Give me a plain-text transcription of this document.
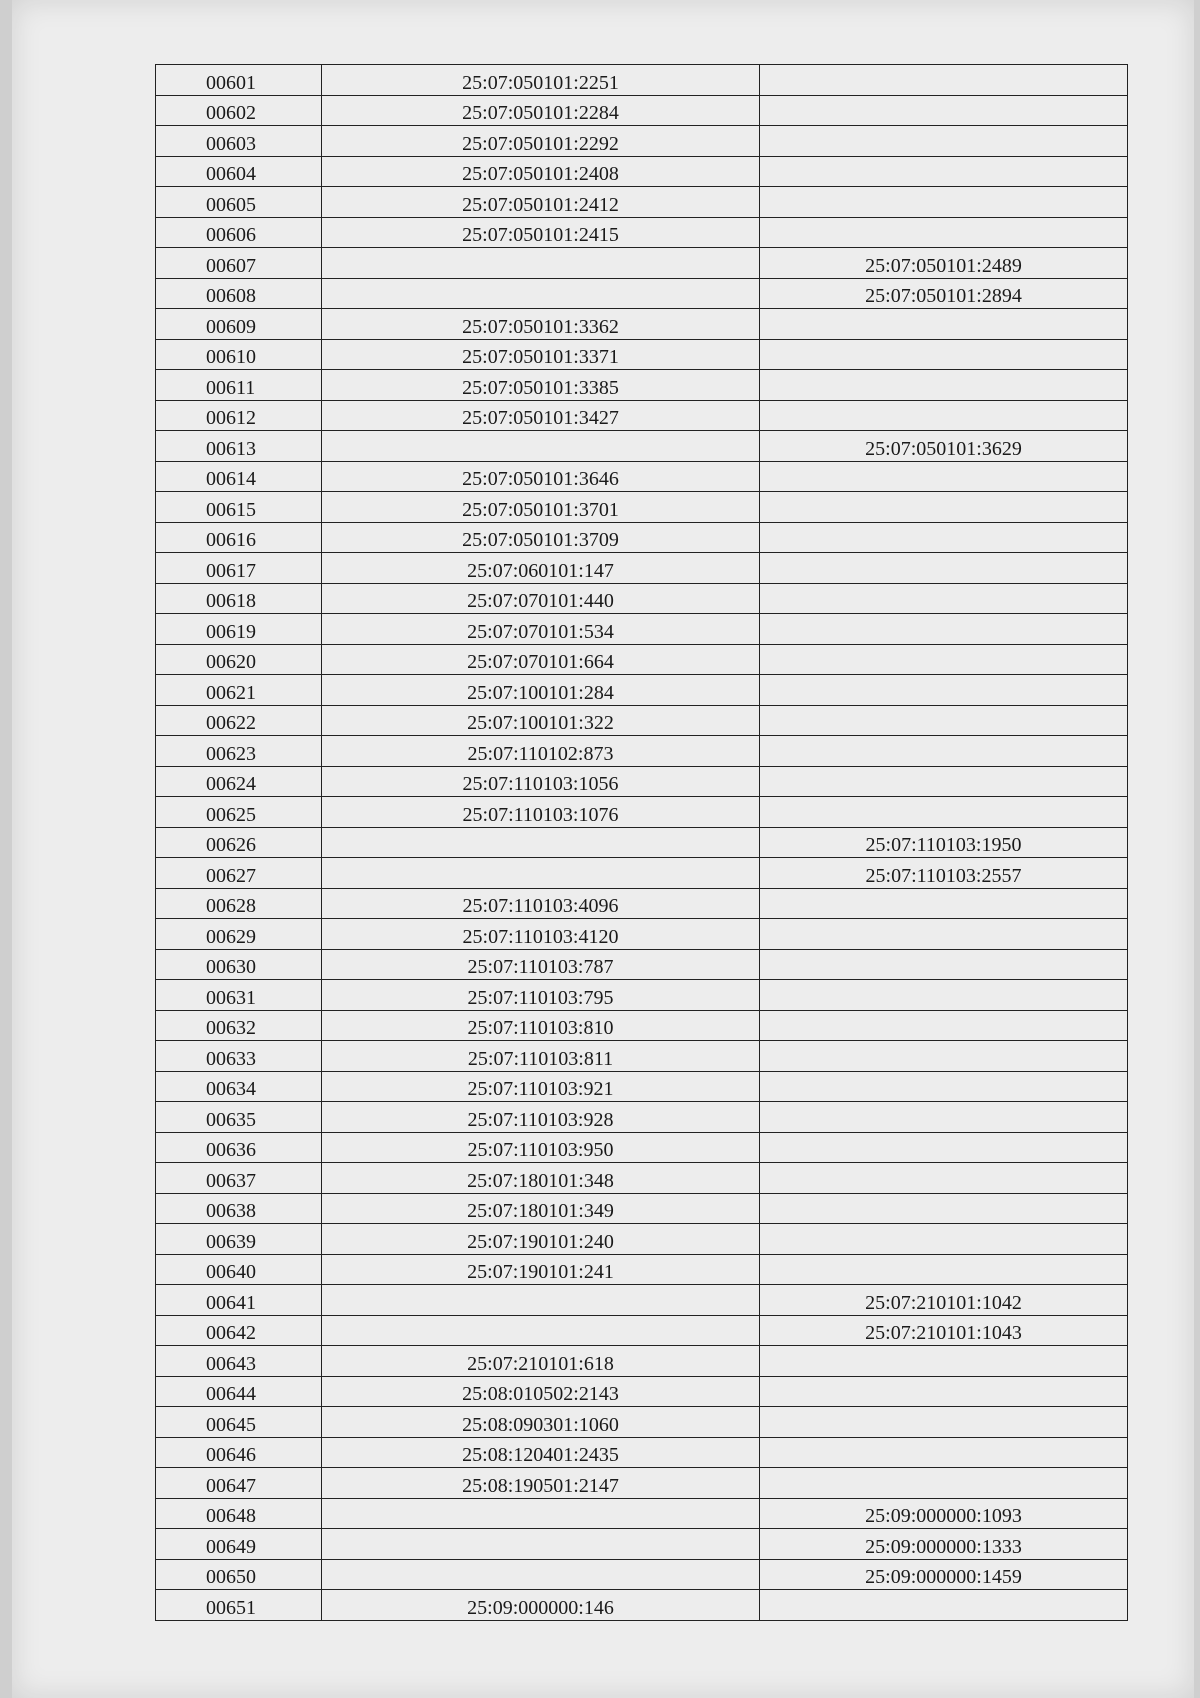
00601	25:07:050101:2251	
00602	25:07:050101:2284	
00603	25:07:050101:2292	
00604	25:07:050101:2408	
00605	25:07:050101:2412	
00606	25:07:050101:2415	
00607		25:07:050101:2489
00608		25:07:050101:2894
00609	25:07:050101:3362	
00610	25:07:050101:3371	
00611	25:07:050101:3385	
00612	25:07:050101:3427	
00613		25:07:050101:3629
00614	25:07:050101:3646	
00615	25:07:050101:3701	
00616	25:07:050101:3709	
00617	25:07:060101:147	
00618	25:07:070101:440	
00619	25:07:070101:534	
00620	25:07:070101:664	
00621	25:07:100101:284	
00622	25:07:100101:322	
00623	25:07:110102:873	
00624	25:07:110103:1056	
00625	25:07:110103:1076	
00626		25:07:110103:1950
00627		25:07:110103:2557
00628	25:07:110103:4096	
00629	25:07:110103:4120	
00630	25:07:110103:787	
00631	25:07:110103:795	
00632	25:07:110103:810	
00633	25:07:110103:811	
00634	25:07:110103:921	
00635	25:07:110103:928	
00636	25:07:110103:950	
00637	25:07:180101:348	
00638	25:07:180101:349	
00639	25:07:190101:240	
00640	25:07:190101:241	
00641		25:07:210101:1042
00642		25:07:210101:1043
00643	25:07:210101:618	
00644	25:08:010502:2143	
00645	25:08:090301:1060	
00646	25:08:120401:2435	
00647	25:08:190501:2147	
00648		25:09:000000:1093
00649		25:09:000000:1333
00650		25:09:000000:1459
00651	25:09:000000:146	
